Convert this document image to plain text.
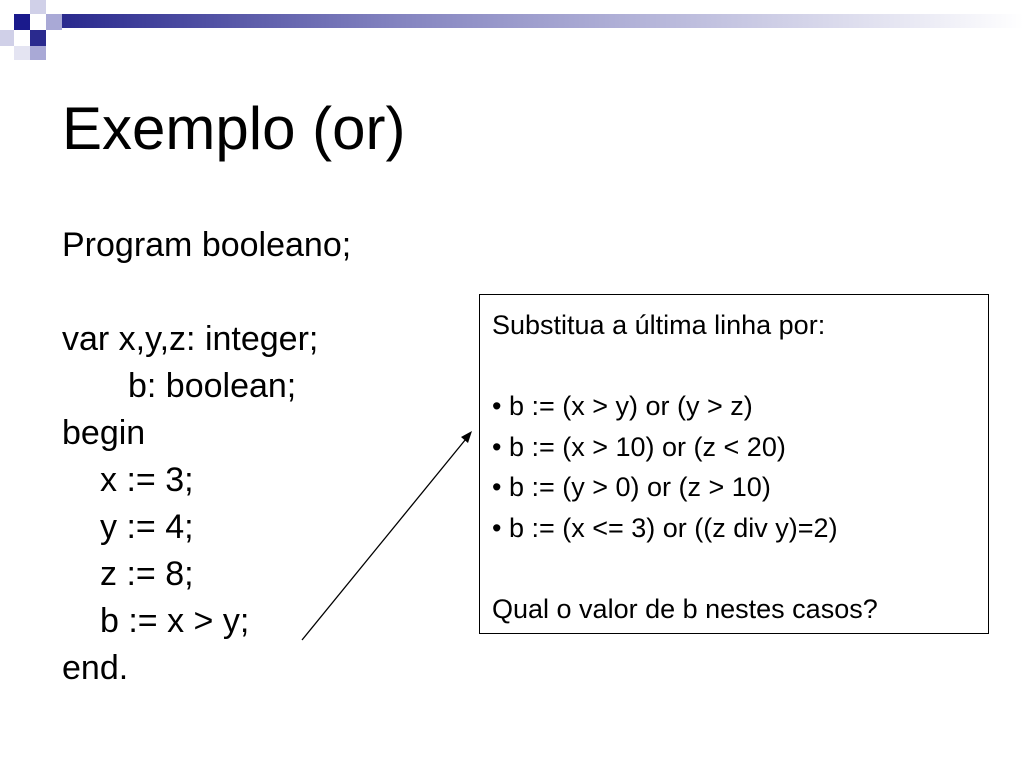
Exemplo (or)
Program booleano;
var x,y,z: integer;
b: boolean;
begin
x := 3;
y := 4;
z := 8;
b := x > y;
end.
Substitua a última linha por:
• b := (x > y) or (y > z)
• b := (x > 10) or (z < 20)
• b := (y > 0) or (z > 10)
• b := (x <= 3) or ((z div y)=2)
Qual o valor de b nestes casos?
